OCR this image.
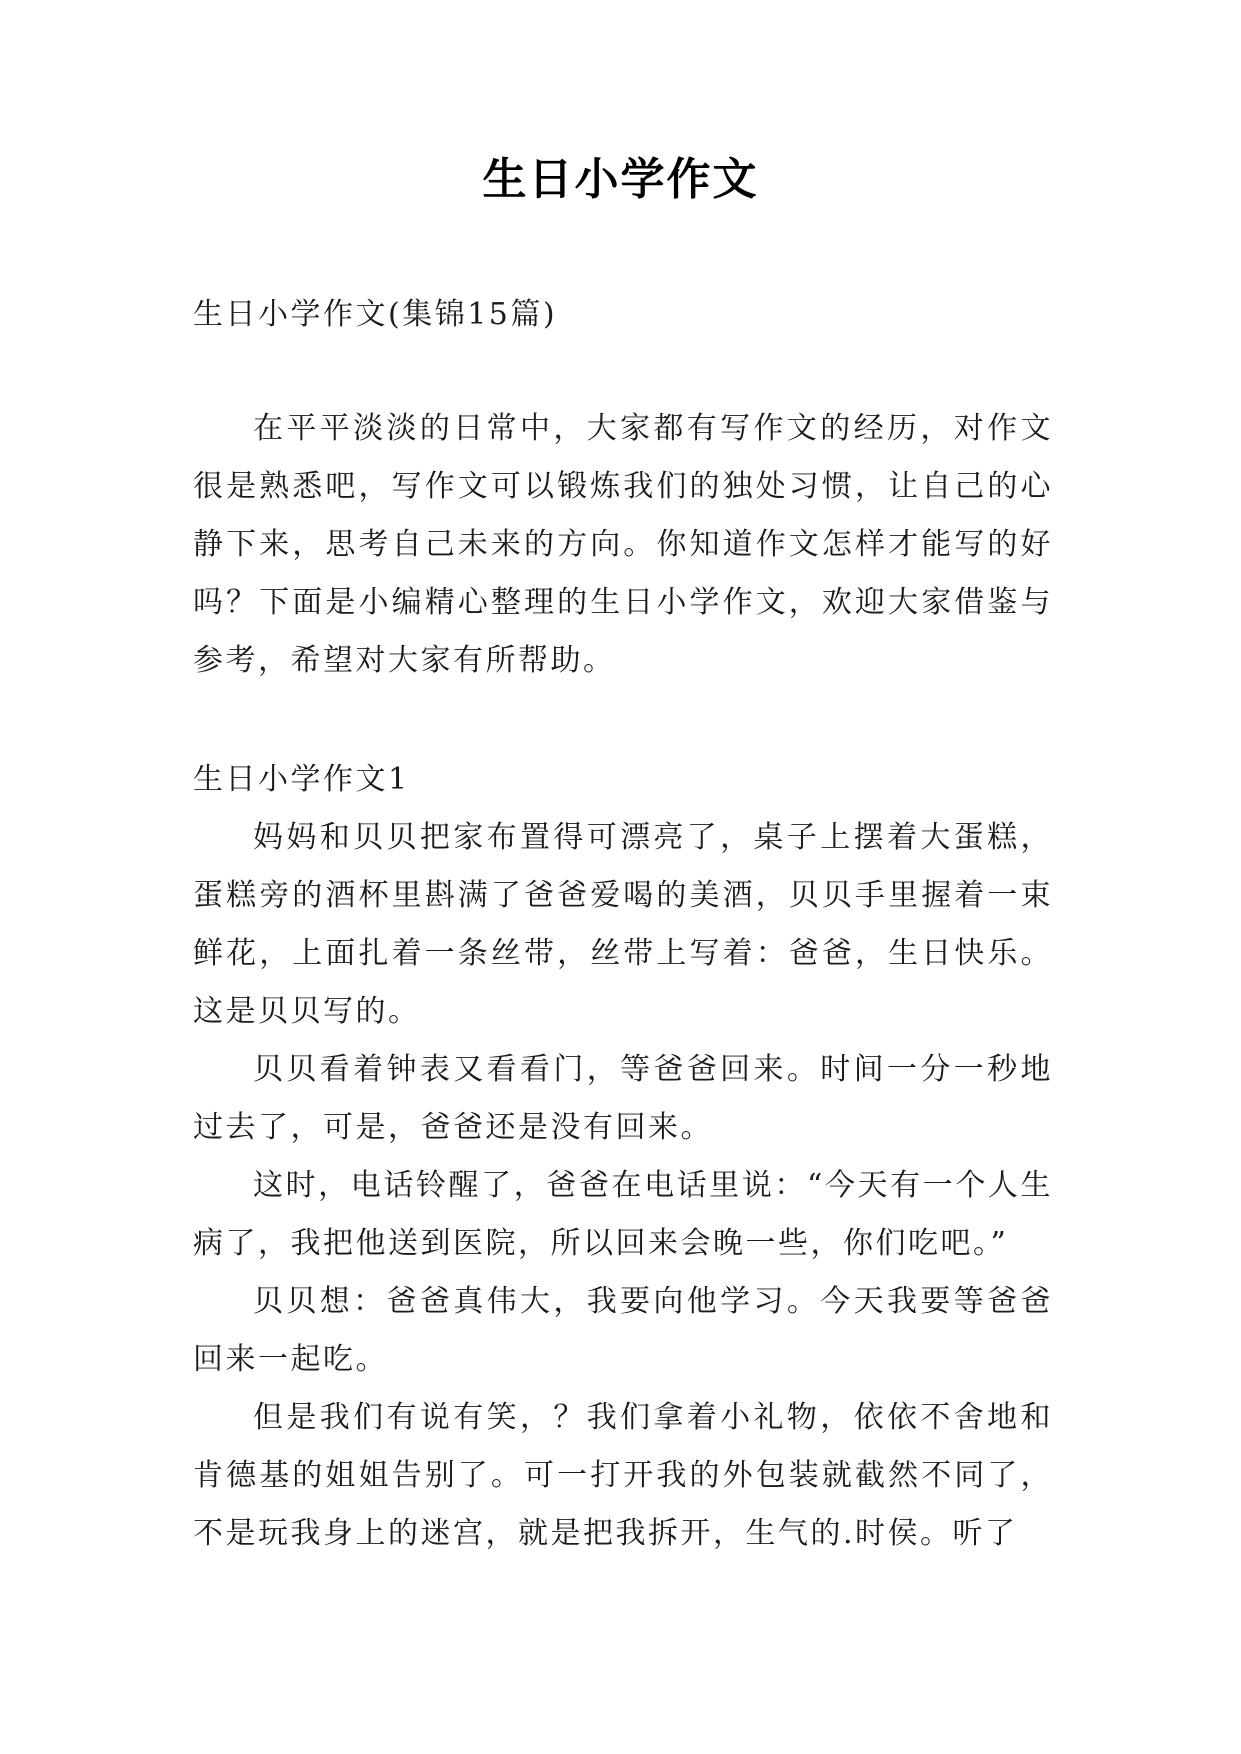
生日小学作文
生日小学作文(集锦15篇)

在平平淡淡的日常中，大家都有写作文的经历，对作文很是熟悉吧，写作文可以锻炼我们的独处习惯，让自己的心静下来，思考自己未来的方向。你知道作文怎样才能写的好吗？下面是小编精心整理的生日小学作文，欢迎大家借鉴与参考，希望对大家有所帮助。

生日小学作文1

妈妈和贝贝把家布置得可漂亮了，桌子上摆着大蛋糕，蛋糕旁的酒杯里斟满了爸爸爱喝的美酒，贝贝手里握着一束鲜花，上面扎着一条丝带，丝带上写着：爸爸，生日快乐。这是贝贝写的。

贝贝看着钟表又看看门，等爸爸回来。时间一分一秒地过去了，可是，爸爸还是没有回来。

这时，电话铃醒了，爸爸在电话里说：“今天有一个人生病了，我把他送到医院，所以回来会晚一些，你们吃吧。”

贝贝想：爸爸真伟大，我要向他学习。今天我要等爸爸回来一起吃。

但是我们有说有笑，？我们拿着小礼物，依依不舍地和肯德基的姐姐告别了。可一打开我的外包装就截然不同了，不是玩我身上的迷宫，就是把我拆开，生气的.时侯。听了
